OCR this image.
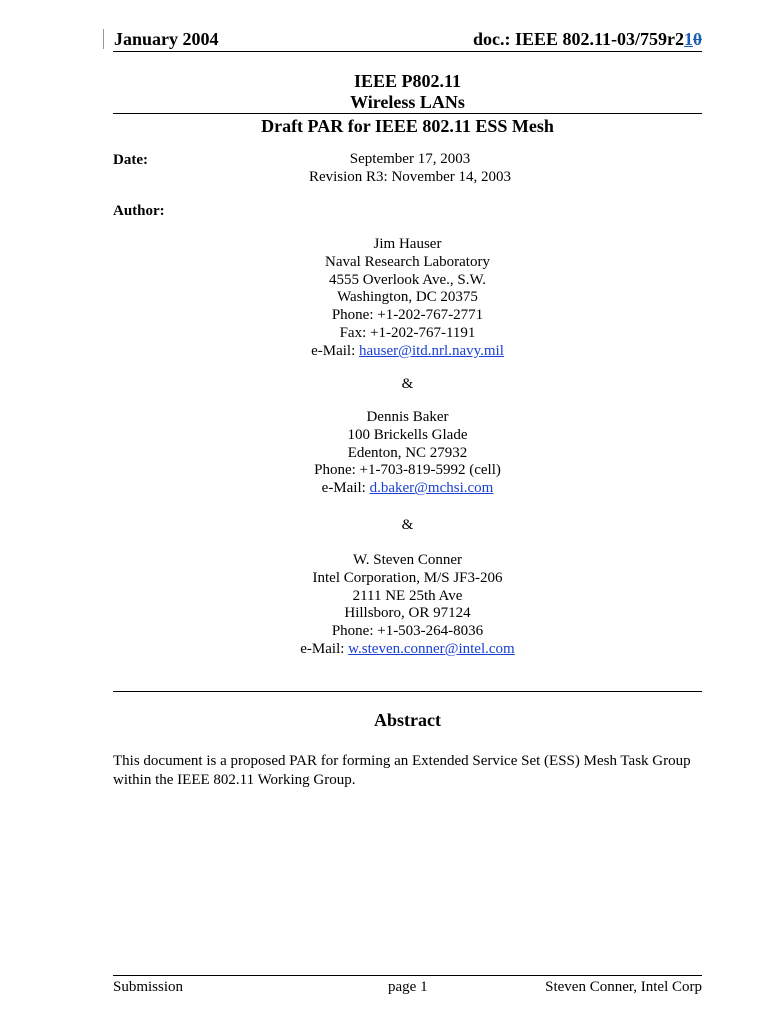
January 2004	doc.: IEEE 802.11-03/759r210
IEEE P802.11
Wireless LANs
Draft PAR for IEEE 802.11 ESS Mesh
Date:	September 17, 2003
Revision R3: November 14, 2003
Author:
Jim Hauser
Naval Research Laboratory
4555 Overlook Ave., S.W.
Washington, DC 20375
Phone: +1-202-767-2771
Fax: +1-202-767-1191
e-Mail: hauser@itd.nrl.navy.mil
&
Dennis Baker
100 Brickells Glade
Edenton, NC 27932
Phone: +1-703-819-5992 (cell)
e-Mail: d.baker@mchsi.com
&
W. Steven Conner
Intel Corporation, M/S JF3-206
2111 NE 25th Ave
Hillsboro, OR 97124
Phone: +1-503-264-8036
e-Mail: w.steven.conner@intel.com
Abstract
This document is a proposed PAR for forming an Extended Service Set (ESS) Mesh Task Group
within the IEEE 802.11 Working Group.
Submission	page 1	Steven Conner, Intel Corp
